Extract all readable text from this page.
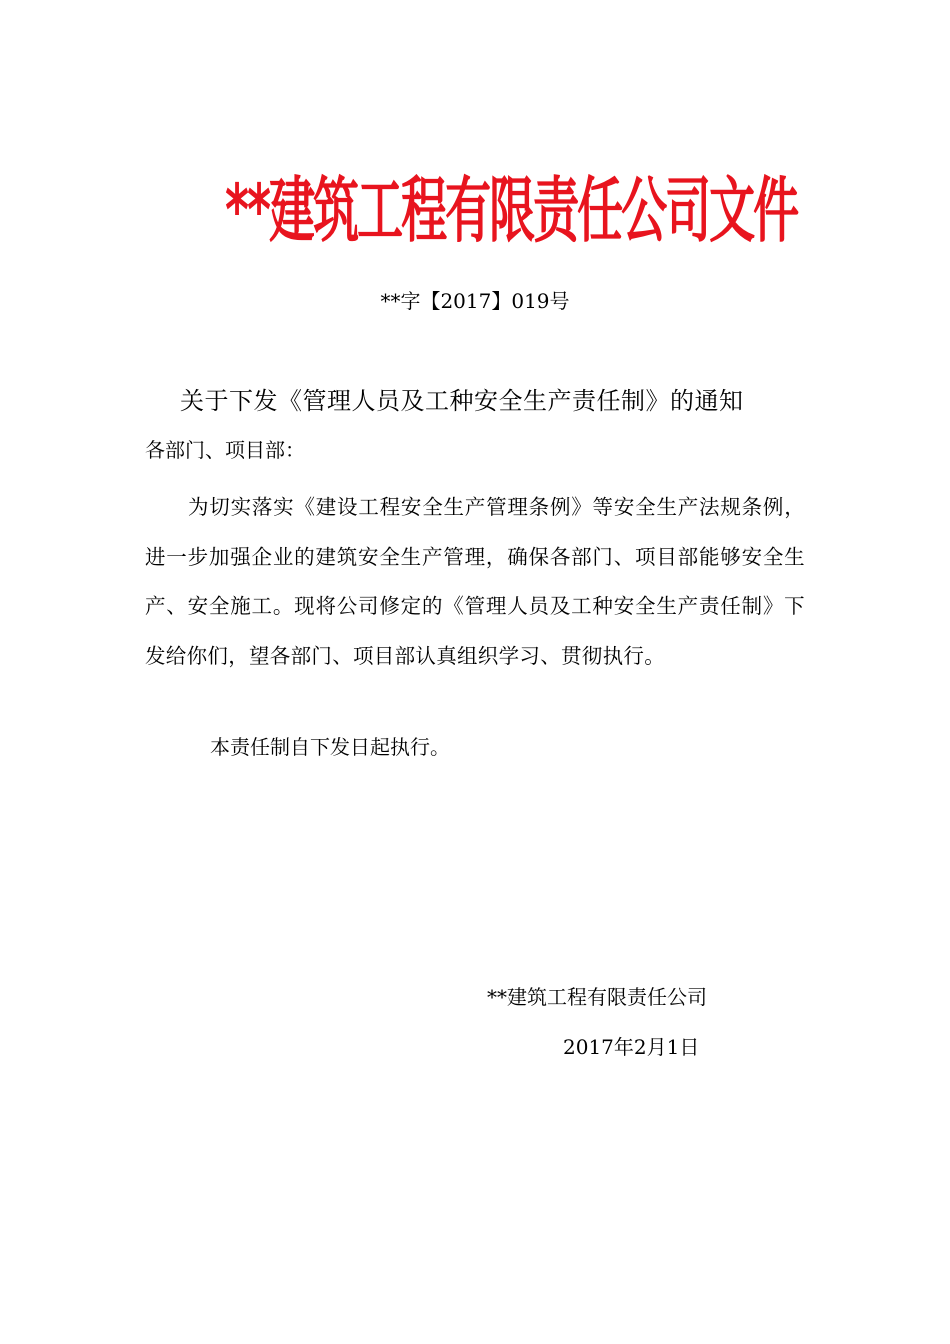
**建筑工程有限责任公司文件
**字【2017】019号
关于下发《管理人员及工种安全生产责任制》的通知
各部门、项目部：

为切实落实《建设工程安全生产管理条例》等安全生产法规条例，进一步加强企业的建筑安全生产管理，确保各部门、项目部能够安全生产、安全施工。现将公司修定的《管理人员及工种安全生产责任制》下发给你们，望各部门、项目部认真组织学习、贯彻执行。

本责任制自下发日起执行。
**建筑工程有限责任公司
2017年2月1日
